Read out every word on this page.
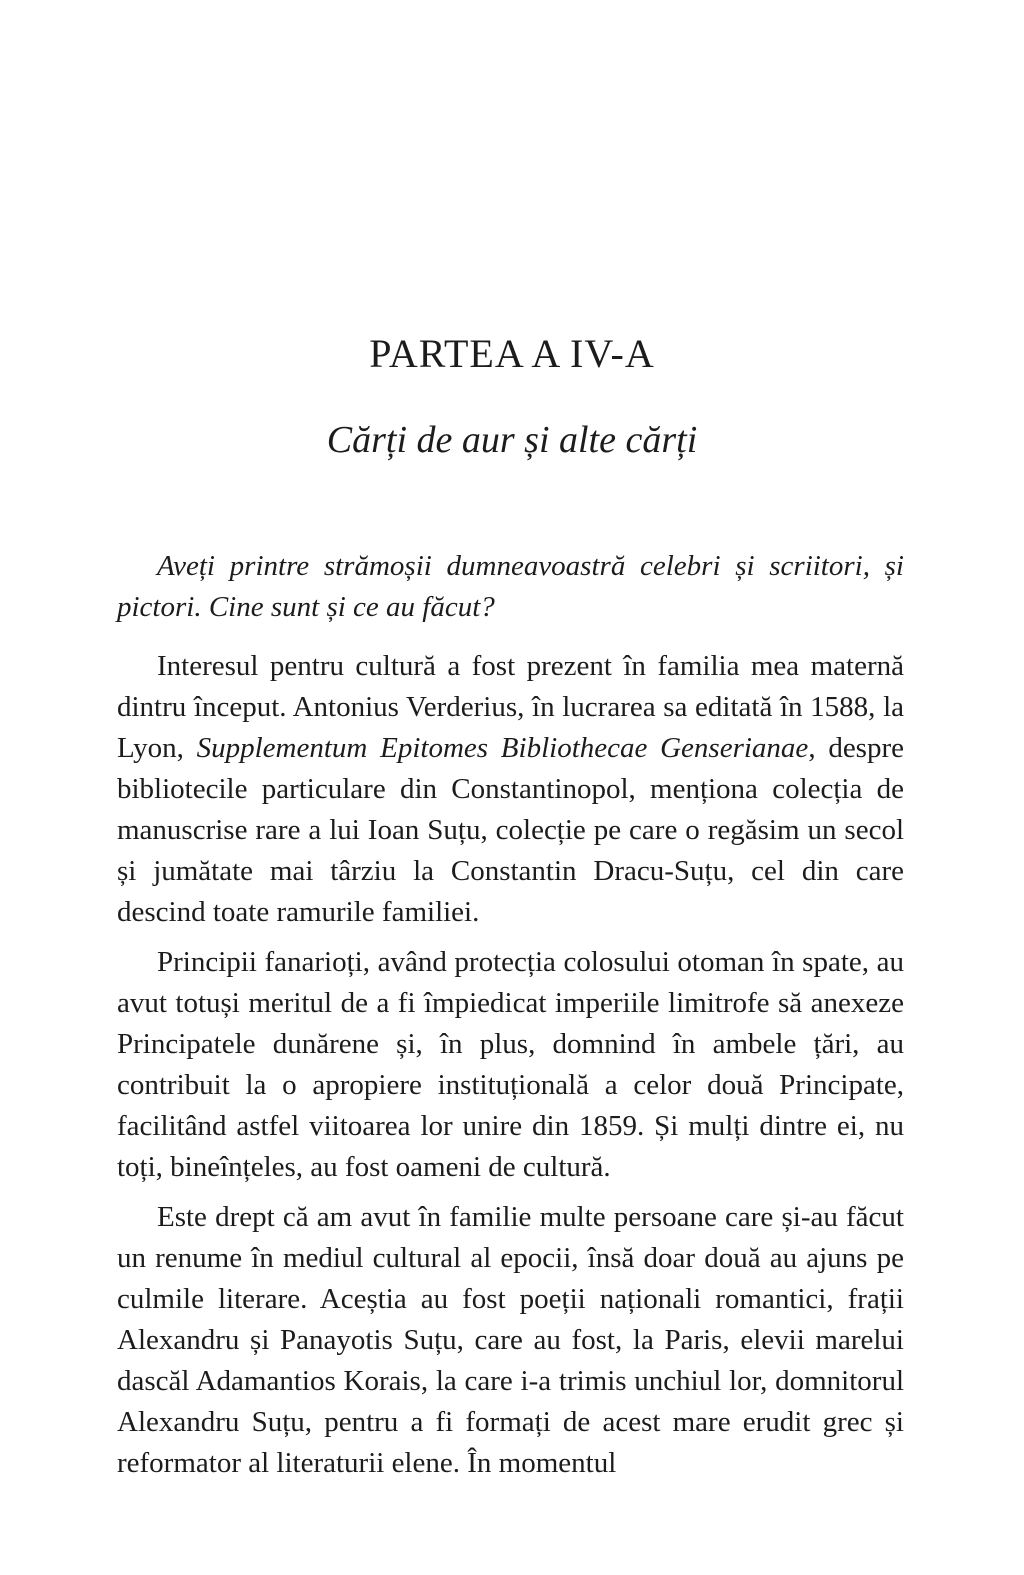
PARTEA A IV-A
Cărți de aur și alte cărți

Aveți printre strămoșii dumneavoastră celebri și scriitori, și pictori. Cine sunt și ce au făcut?

Interesul pentru cultură a fost prezent în familia mea maternă dintru început. Antonius Verderius, în lucrarea sa editată în 1588, la Lyon, Supplementum Epitomes Bibliothecae Genserianae, despre bibliotecile particulare din Constantinopol, menționa colecția de manuscrise rare a lui Ioan Suțu, colecție pe care o regăsim un secol și jumătate mai târziu la Constantin Dracu-Suțu, cel din care descind toate ramurile familiei.

Principii fanarioți, având protecția colosului otoman în spate, au avut totuși meritul de a fi împiedicat imperiile limitrofe să anexeze Principatele dunărene și, în plus, domnind în ambele țări, au contribuit la o apropiere instituțională a celor două Principate, facilitând astfel viitoarea lor unire din 1859. Și mulți dintre ei, nu toți, bineînțeles, au fost oameni de cultură.

Este drept că am avut în familie multe persoane care și-au făcut un renume în mediul cultural al epocii, însă doar două au ajuns pe culmile literare. Aceștia au fost poeții naționali romantici, frații Alexandru și Panayotis Suțu, care au fost, la Paris, elevii marelui dascăl Adamantios Korais, la care i-a trimis unchiul lor, domnitorul Alexandru Suțu, pentru a fi formați de acest mare erudit grec și reformator al literaturii elene. În momentul
